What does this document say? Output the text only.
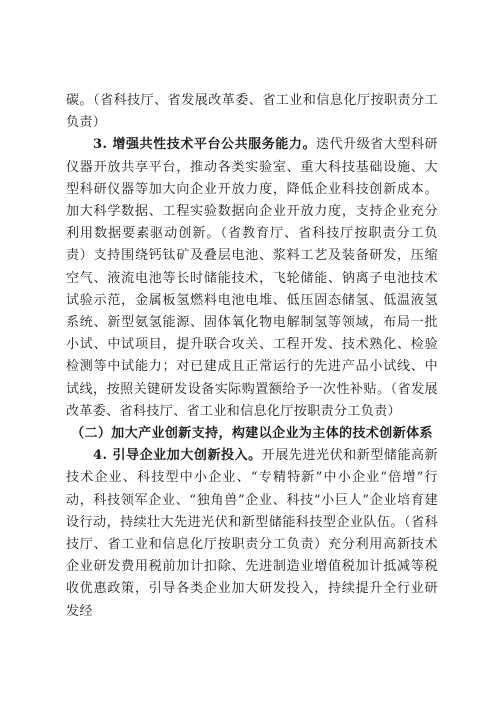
碳。（省科技厅、省发展改革委、省工业和信息化厅按职责分工负责）

3. 增强共性技术平台公共服务能力。迭代升级省大型科研仪器开放共享平台，推动各类实验室、重大科技基础设施、大型科研仪器等加大向企业开放力度，降低企业科技创新成本。加大科学数据、工程实验数据向企业开放力度，支持企业充分利用数据要素驱动创新。（省教育厅、省科技厅按职责分工负责）支持围绕钙钛矿及叠层电池、浆料工艺及装备研发，压缩空气、液流电池等长时储能技术，飞轮储能、钠离子电池技术试验示范，金属板氢燃料电池电堆、低压固态储氢、低温液氢系统、新型氨氢能源、固体氧化物电解制氢等领域，布局一批小试、中试项目，提升联合攻关、工程开发、技术熟化、检验检测等中试能力；对已建成且正常运行的先进产品小试线、中试线，按照关键研发设备实际购置额给予一次性补贴。（省发展改革委、省科技厅、省工业和信息化厅按职责分工负责）

（二）加大产业创新支持，构建以企业为主体的技术创新体系

4. 引导企业加大创新投入。开展先进光伏和新型储能高新技术企业、科技型中小企业、“专精特新”中小企业“倍增”行动，科技领军企业、“独角兽”企业、科技“小巨人”企业培育建设行动，持续壮大先进光伏和新型储能科技型企业队伍。（省科技厅、省工业和信息化厅按职责分工负责）充分利用高新技术企业研发费用税前加计扣除、先进制造业增值税加计抵减等税收优惠政策，引导各类企业加大研发投入，持续提升全行业研发经
